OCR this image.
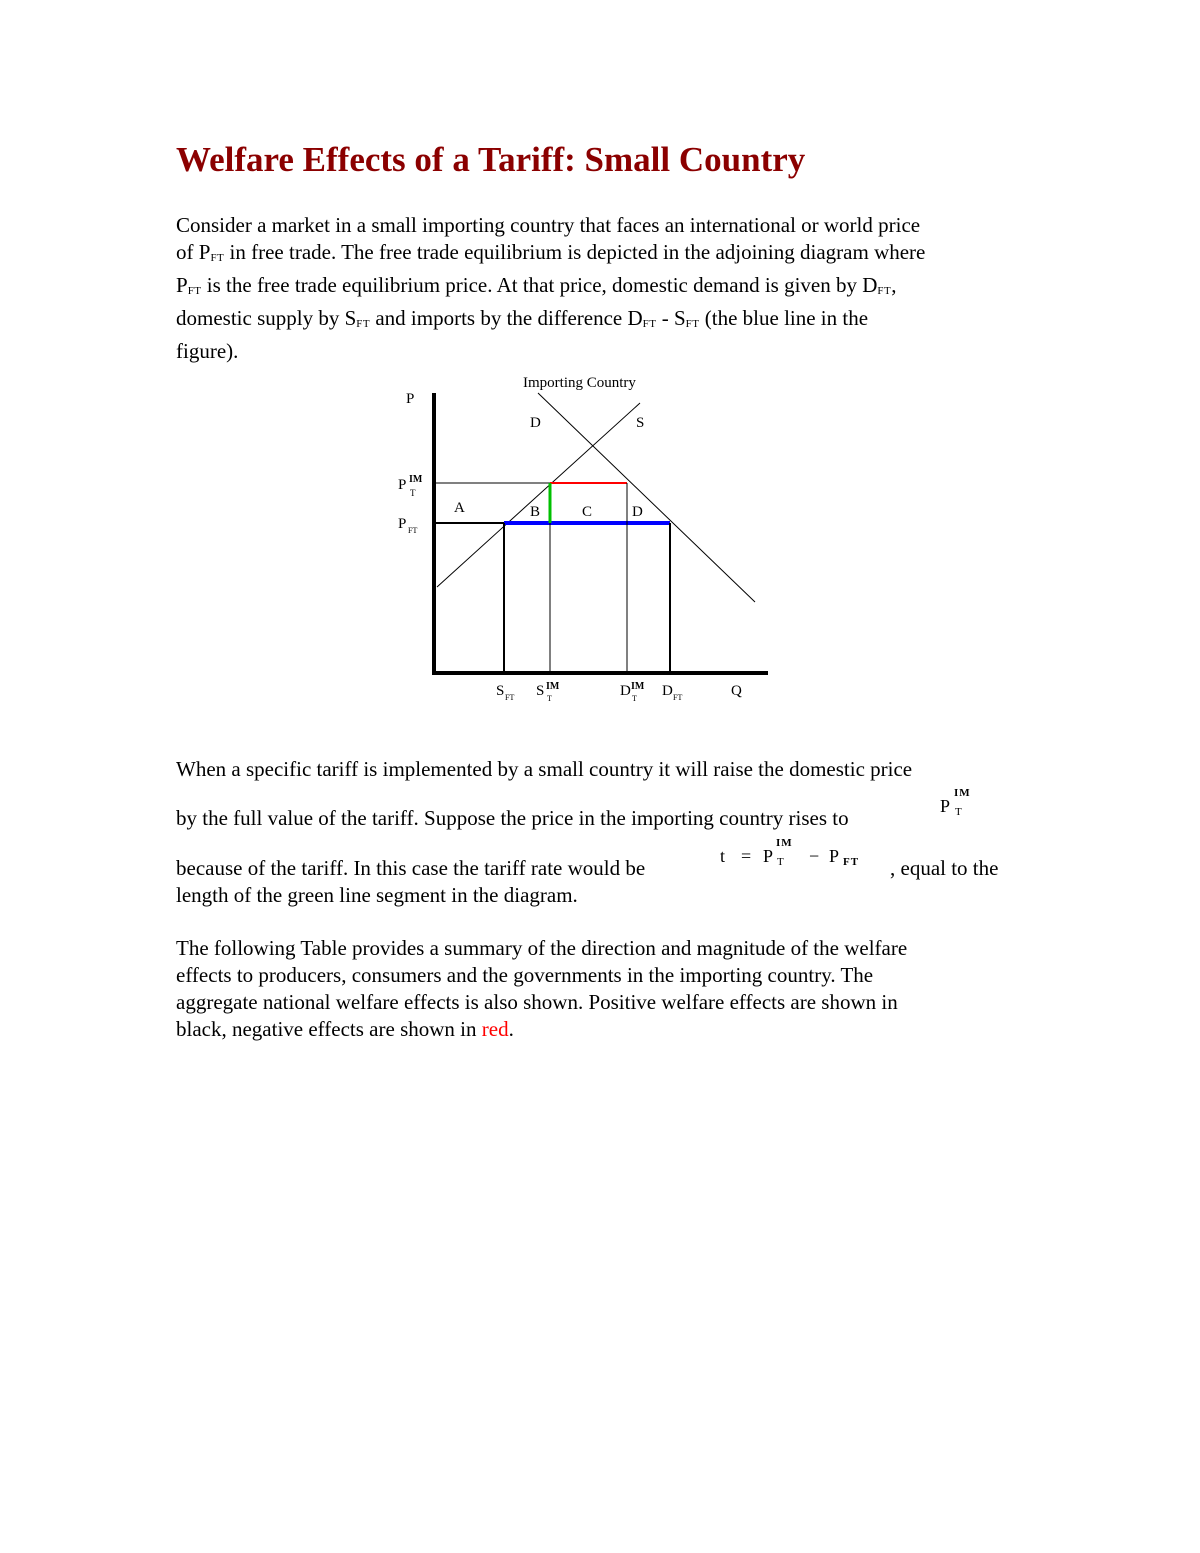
Welfare Effects of a Tariff: Small Country
Consider a market in a small importing country that faces an international or world price
of PFT in free trade. The free trade equilibrium is depicted in the adjoining diagram where
PFT is the free trade equilibrium price. At that price, domestic demand is given by DFT,
domestic supply by SFT and imports by the difference DFT - SFT (the blue line in the
figure).
Importing Country
P
D	S
P IM
T
P FT
A	B	C	D
S FT S IM
T	D IM
T D FT	Q
When a specific tariff is implemented by a small country it will raise the domestic price
P
IM
T
by the full value of the tariff. Suppose the price in the importing country rises to
t = P
IM
T − P FT
because of the tariff. In this case the tariff rate would be	, equal to the
length of the green line segment in the diagram.
The following Table provides a summary of the direction and magnitude of the welfare
effects to producers, consumers and the governments in the importing country. The
aggregate national welfare effects is also shown. Positive welfare effects are shown in
black, negative effects are shown in red.
